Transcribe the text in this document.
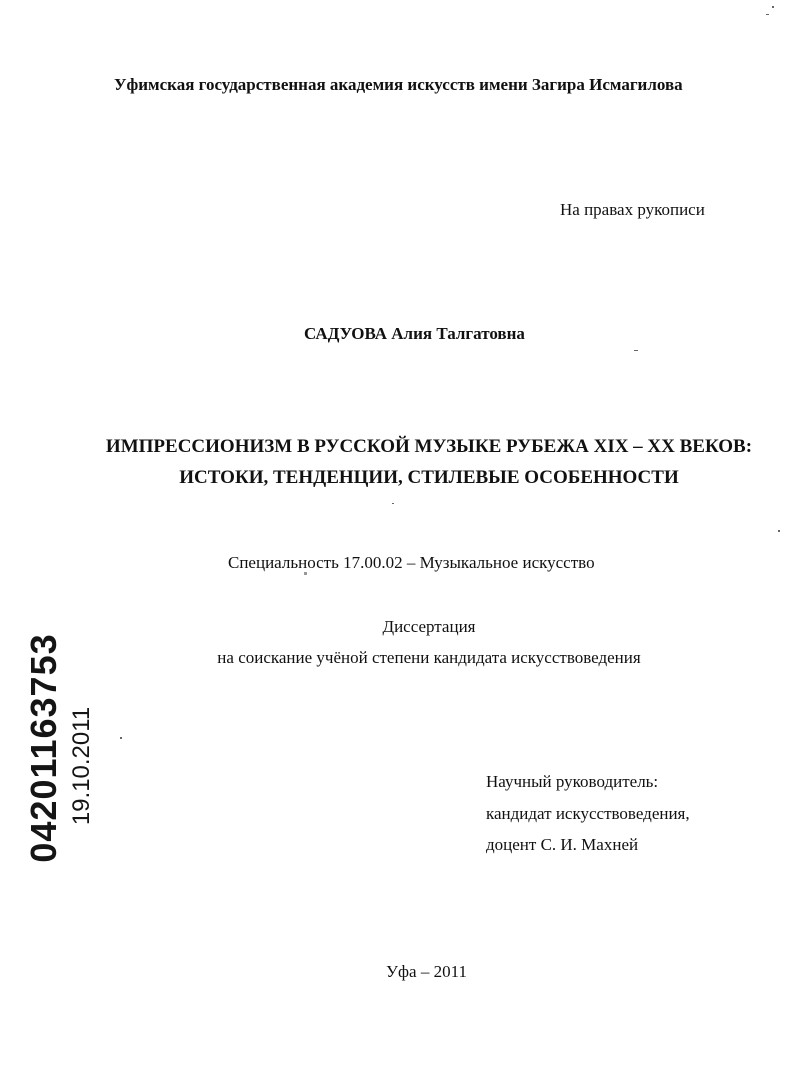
Уфимская государственная академия искусств имени Загира Исмагилова
На правах рукописи
САДУОВА Алия Талгатовна
ИМПРЕССИОНИЗМ В РУССКОЙ МУЗЫКЕ РУБЕЖА XIX – XX ВЕКОВ:
ИСТОКИ, ТЕНДЕНЦИИ, СТИЛЕВЫЕ ОСОБЕННОСТИ
Специальность 17.00.02 – Музыкальное искусство
Диссертация
на соискание учёной степени кандидата искусствоведения
Научный руководитель:
кандидат искусствоведения,
доцент С. И. Махней
Уфа – 2011
04201163753 19.10.2011
